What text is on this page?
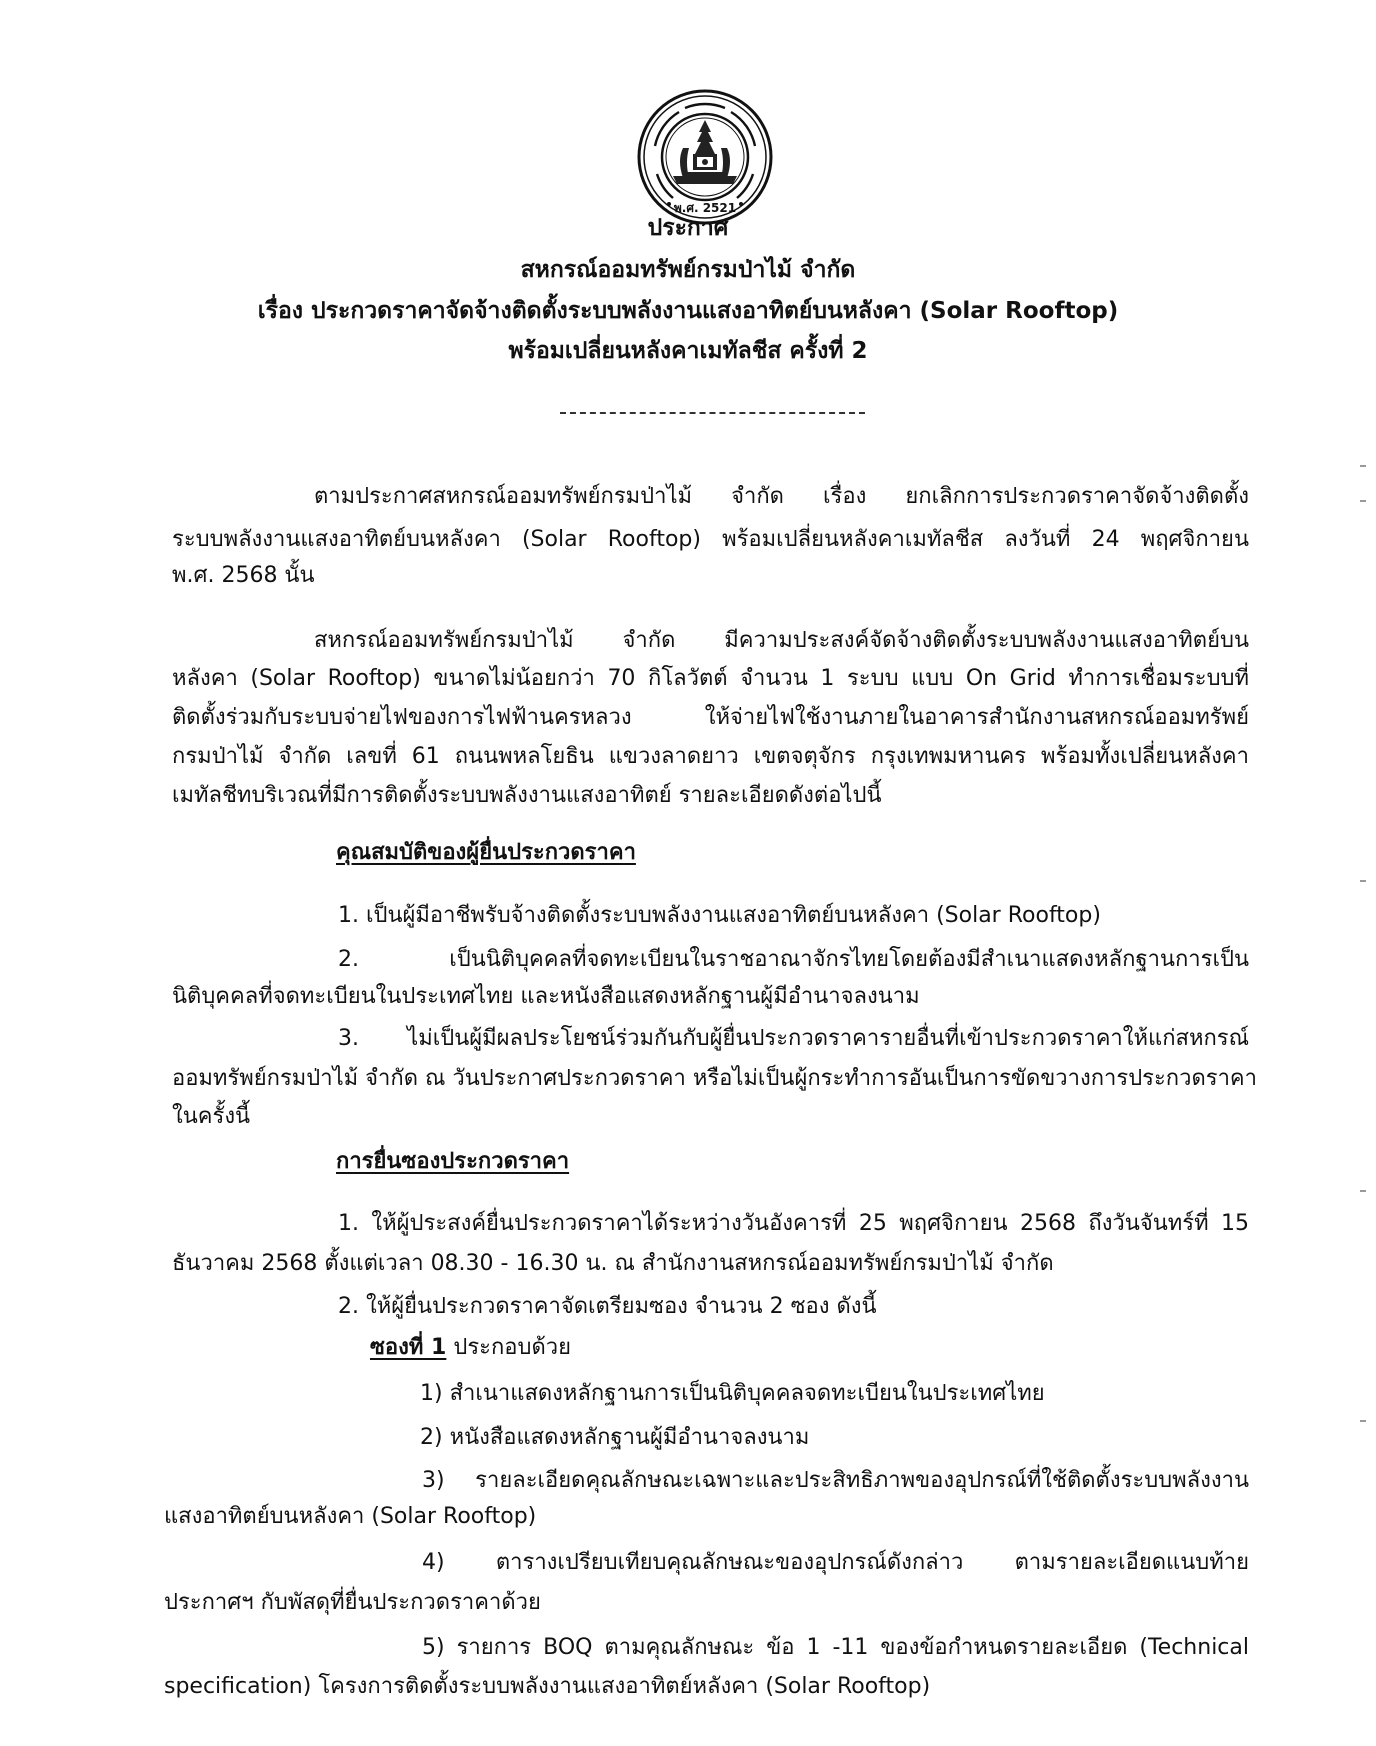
พ.ศ. 2521
ประกาศ
สหกรณ์ออมทรัพย์กรมป่าไม้ จำกัด
เรื่อง ประกวดราคาจัดจ้างติดตั้งระบบพลังงานแสงอาทิตย์บนหลังคา (Solar Rooftop)
พร้อมเปลี่ยนหลังคาเมทัลชีส ครั้งที่ 2
ตามประกาศสหกรณ์ออมทรัพย์กรมป่าไม้ จำกัด เรื่อง ยกเลิกการประกวดราคาจัดจ้างติดตั้ง
ระบบพลังงานแสงอาทิตย์บนหลังคา (Solar Rooftop) พร้อมเปลี่ยนหลังคาเมทัลชีส ลงวันที่ 24 พฤศจิกายน
พ.ศ. 2568 นั้น
สหกรณ์ออมทรัพย์กรมป่าไม้ จำกัด มีความประสงค์จัดจ้างติดตั้งระบบพลังงานแสงอาทิตย์บน
หลังคา (Solar Rooftop) ขนาดไม่น้อยกว่า 70 กิโลวัตต์ จำนวน 1 ระบบ แบบ On Grid ทำการเชื่อมระบบที่
ติดตั้งร่วมกับระบบจ่ายไฟของการไฟฟ้านครหลวง ให้จ่ายไฟใช้งานภายในอาคารสำนักงานสหกรณ์ออมทรัพย์
กรมป่าไม้ จำกัด เลขที่ 61 ถนนพหลโยธิน แขวงลาดยาว เขตจตุจักร กรุงเทพมหานคร พร้อมทั้งเปลี่ยนหลังคา
เมทัลชีทบริเวณที่มีการติดตั้งระบบพลังงานแสงอาทิตย์ รายละเอียดดังต่อไปนี้
คุณสมบัติของผู้ยื่นประกวดราคา
1. เป็นผู้มีอาชีพรับจ้างติดตั้งระบบพลังงานแสงอาทิตย์บนหลังคา (Solar Rooftop)
2. เป็นนิติบุคคลที่จดทะเบียนในราชอาณาจักรไทยโดยต้องมีสำเนาแสดงหลักฐานการเป็น
นิติบุคคลที่จดทะเบียนในประเทศไทย และหนังสือแสดงหลักฐานผู้มีอำนาจลงนาม
3. ไม่เป็นผู้มีผลประโยชน์ร่วมกันกับผู้ยื่นประกวดราคารายอื่นที่เข้าประกวดราคาให้แก่สหกรณ์
ออมทรัพย์กรมป่าไม้ จำกัด ณ วันประกาศประกวดราคา หรือไม่เป็นผู้กระทำการอันเป็นการขัดขวางการประกวดราคา
ในครั้งนี้
การยื่นซองประกวดราคา
1. ให้ผู้ประสงค์ยื่นประกวดราคาได้ระหว่างวันอังคารที่ 25 พฤศจิกายน 2568 ถึงวันจันทร์ที่ 15
ธันวาคม 2568 ตั้งแต่เวลา 08.30 - 16.30 น. ณ สำนักงานสหกรณ์ออมทรัพย์กรมป่าไม้ จำกัด
2. ให้ผู้ยื่นประกวดราคาจัดเตรียมซอง จำนวน 2 ซอง ดังนี้
ซองที่ 1 ประกอบด้วย
1) สำเนาแสดงหลักฐานการเป็นนิติบุคคลจดทะเบียนในประเทศไทย
2) หนังสือแสดงหลักฐานผู้มีอำนาจลงนาม
3) รายละเอียดคุณลักษณะเฉพาะและประสิทธิภาพของอุปกรณ์ที่ใช้ติดตั้งระบบพลังงาน
แสงอาทิตย์บนหลังคา (Solar Rooftop)
4) ตารางเปรียบเทียบคุณลักษณะของอุปกรณ์ดังกล่าว ตามรายละเอียดแนบท้าย
ประกาศฯ กับพัสดุที่ยื่นประกวดราคาด้วย
5) รายการ BOQ ตามคุณลักษณะ ข้อ 1 -11 ของข้อกำหนดรายละเอียด (Technical
specification) โครงการติดตั้งระบบพลังงานแสงอาทิตย์หลังคา (Solar Rooftop)
